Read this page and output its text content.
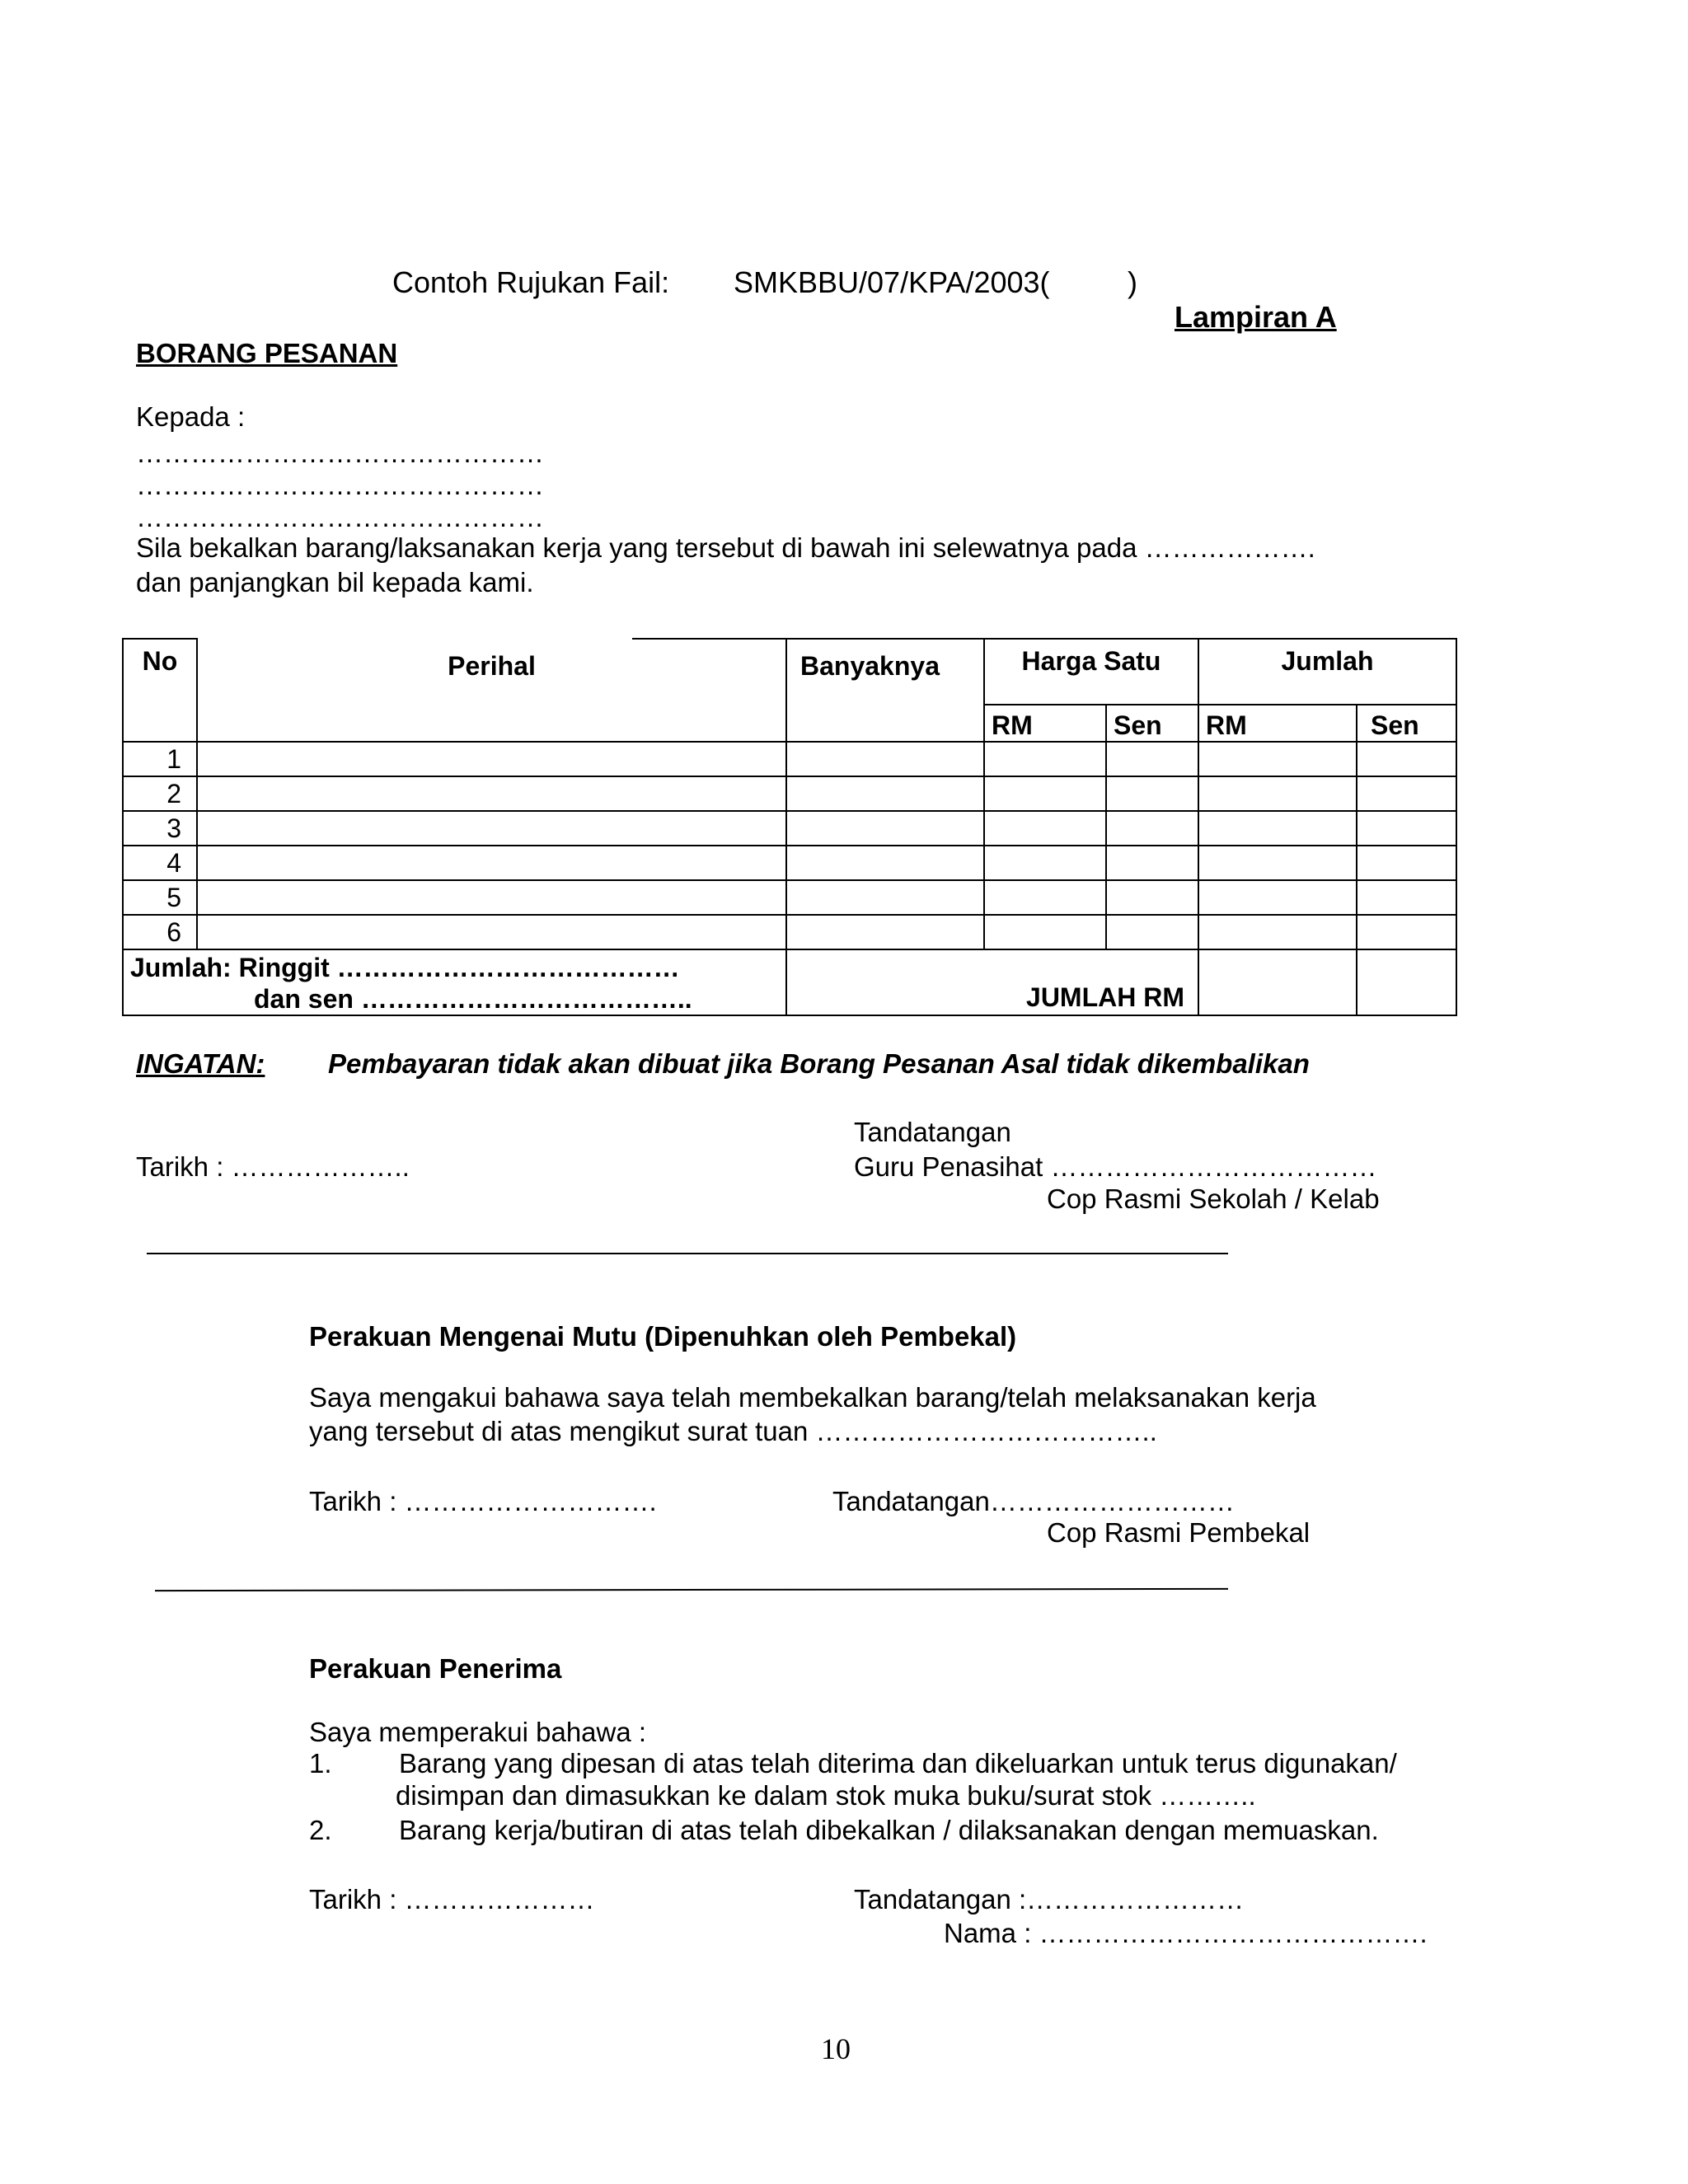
Contoh Rujukan Fail: SMKBBU/07/KPA/2003(	)
Lampiran A
BORANG PESANAN
Kepada :
………………………………………
………………………………………
………………………………………
Sila bekalkan barang/laksanakan kerja yang tersebut di bawah ini selewatnya pada ……………….
dan panjangkan bil kepada kami.
No	Perihal	Banyaknya	Harga Satu		Jumlah	
			RM	Sen	RM	Sen
1						
2						
3						
4						
5						
6						

Jumlah: Ringgit …………………………………
dan sen ………………………………..		JUMLAH RM				
INGATAN: Pembayaran tidak akan dibuat jika Borang Pesanan Asal tidak dikembalikan
Tandatangan
Tarikh : ………………..	Guru Penasihat ………………………………
Cop Rasmi Sekolah / Kelab
Perakuan Mengenai Mutu (Dipenuhkan oleh Pembekal)
Saya mengakui bahawa saya telah membekalkan barang/telah melaksanakan kerja
yang tersebut di atas mengikut surat tuan ………………………………..
Tarikh : ……………………….	Tandatangan………………………
Cop Rasmi Pembekal
Perakuan Penerima
Saya memperakui bahawa :
1. Barang yang dipesan di atas telah diterima dan dikeluarkan untuk terus digunakan/
disimpan dan dimasukkan ke dalam stok muka buku/surat stok ………..
2. Barang kerja/butiran di atas telah dibekalkan / dilaksanakan dengan memuaskan.
Tarikh : …………………	Tandatangan :……………………
Nama : …………………………………….
10
